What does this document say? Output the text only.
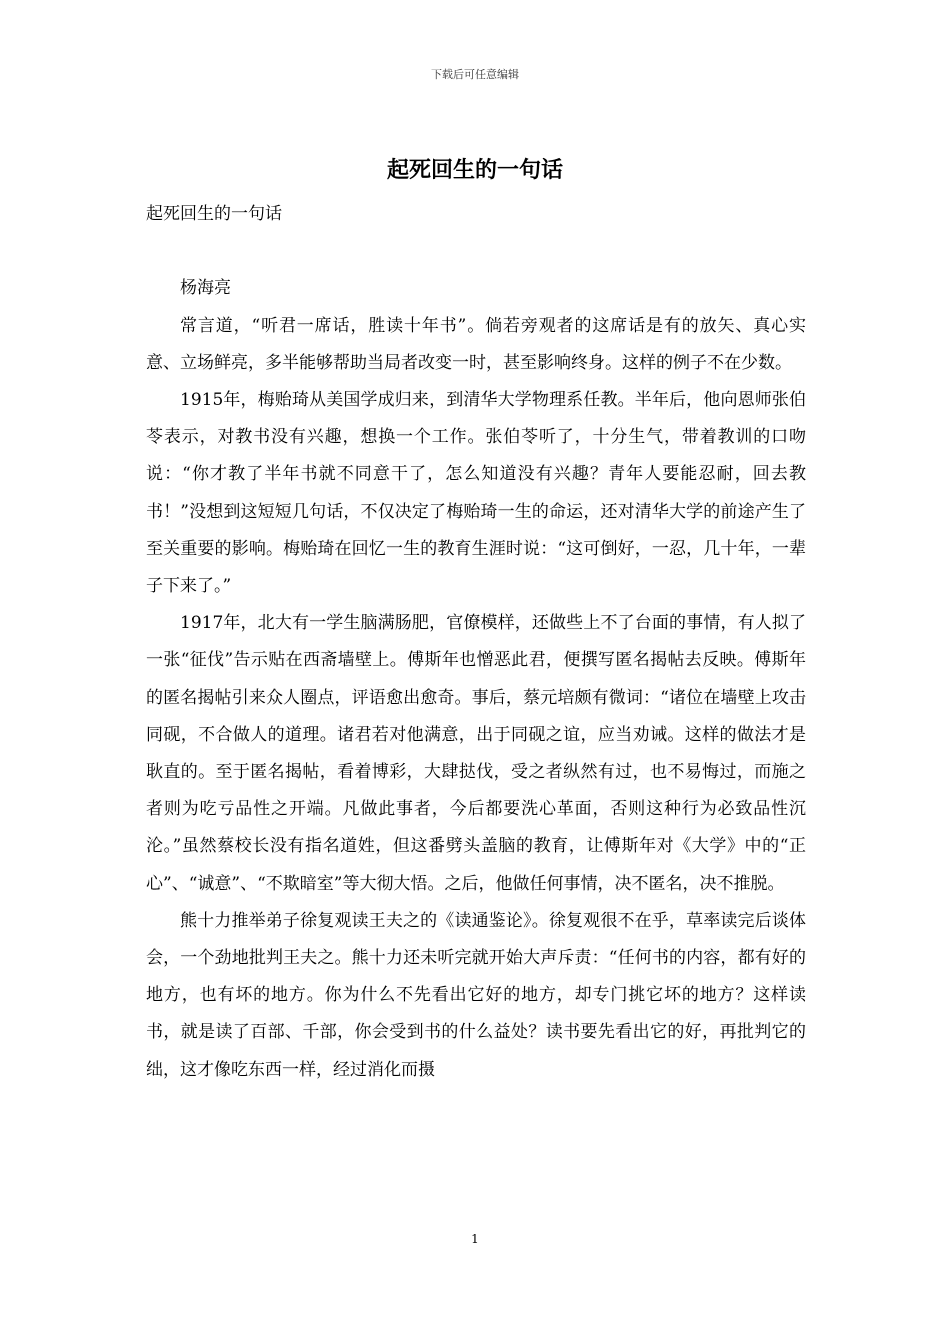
下载后可任意编辑
起死回生的一句话

起死回生的一句话

杨海亮

常言道，“听君一席话，胜读十年书”。倘若旁观者的这席话是有的放矢、真心实意、立场鲜亮，多半能够帮助当局者改变一时，甚至影响终身。这样的例子不在少数。

1915年，梅贻琦从美国学成归来，到清华大学物理系任教。半年后，他向恩师张伯苓表示，对教书没有兴趣，想换一个工作。张伯苓听了，十分生气，带着教训的口吻说：“你才教了半年书就不同意干了，怎么知道没有兴趣？青年人要能忍耐，回去教书！”没想到这短短几句话，不仅决定了梅贻琦一生的命运，还对清华大学的前途产生了至关重要的影响。梅贻琦在回忆一生的教育生涯时说：“这可倒好，一忍，几十年，一辈子下来了。”

1917年，北大有一学生脑满肠肥，官僚模样，还做些上不了台面的事情，有人拟了一张“征伐”告示贴在西斋墙壁上。傅斯年也憎恶此君，便撰写匿名揭帖去反映。傅斯年的匿名揭帖引来众人圈点，评语愈出愈奇。事后，蔡元培颇有微词：“诸位在墙壁上攻击同砚，不合做人的道理。诸君若对他满意，出于同砚之谊，应当劝诫。这样的做法才是耿直的。至于匿名揭帖，看着博彩，大肆挞伐，受之者纵然有过，也不易悔过，而施之者则为吃亏品性之开端。凡做此事者，今后都要洗心革面，否则这种行为必致品性沉沦。”虽然蔡校长没有指名道姓，但这番劈头盖脑的教育，让傅斯年对《大学》中的“正心”、“诚意”、“不欺暗室”等大彻大悟。之后，他做任何事情，决不匿名，决不推脱。

熊十力推举弟子徐复观读王夫之的《读通鉴论》。徐复观很不在乎，草率读完后谈体会，一个劲地批判王夫之。熊十力还未听完就开始大声斥责：“任何书的内容，都有好的地方，也有坏的地方。你为什么不先看出它好的地方，却专门挑它坏的地方？这样读书，就是读了百部、千部，你会受到书的什么益处？读书要先看出它的好，再批判它的绌，这才像吃东西一样，经过消化而摄

1
